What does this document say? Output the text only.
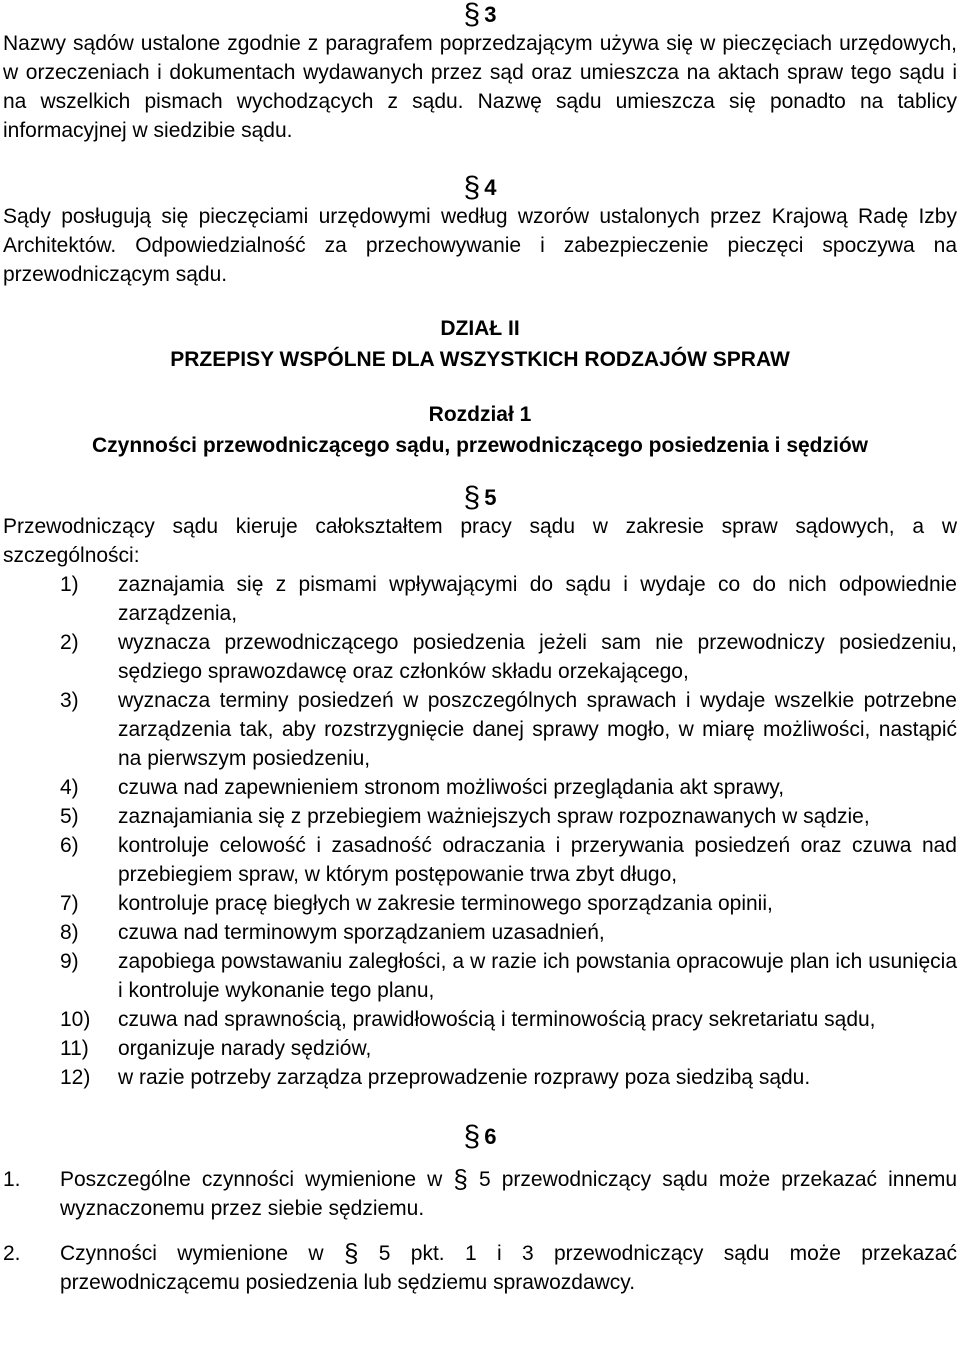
§ 3

Nazwy sądów ustalone zgodnie z paragrafem poprzedzającym używa się w pieczęciach urzędowych, w orzeczeniach i dokumentach wydawanych przez sąd oraz umieszcza na aktach spraw tego sądu i na wszelkich pismach wychodzących z sądu. Nazwę sądu umieszcza się ponadto na tablicy informacyjnej w siedzibie sądu.

§ 4

Sądy posługują się pieczęciami urzędowymi według wzorów ustalonych przez Krajową Radę Izby Architektów. Odpowiedzialność za przechowywanie i zabezpieczenie pieczęci spoczywa na przewodniczącym sądu.

DZIAŁ II
PRZEPISY WSPÓLNE DLA WSZYSTKICH RODZAJÓW SPRAW
Rozdział 1
Czynności przewodniczącego sądu, przewodniczącego posiedzenia i sędziów
§ 5

Przewodniczący sądu kieruje całokształtem pracy sądu w zakresie spraw sądowych, a w szczególności:

1) zaznajamia się z pismami wpływającymi do sądu i wydaje co do nich odpowiednie zarządzenia,
2) wyznacza przewodniczącego posiedzenia jeżeli sam nie przewodniczy posiedzeniu, sędziego sprawozdawcę oraz członków składu orzekającego,
3) wyznacza terminy posiedzeń w poszczególnych sprawach i wydaje wszelkie potrzebne zarządzenia tak, aby rozstrzygnięcie danej sprawy mogło, w miarę możliwości, nastąpić na pierwszym posiedzeniu,
4) czuwa nad zapewnieniem stronom możliwości przeglądania akt sprawy,
5) zaznajamiania się z przebiegiem ważniejszych spraw rozpoznawanych w sądzie,
6) kontroluje celowość i zasadność odraczania i przerywania posiedzeń oraz czuwa nad przebiegiem spraw, w którym postępowanie trwa zbyt długo,
7) kontroluje pracę biegłych w zakresie terminowego sporządzania opinii,
8) czuwa nad terminowym sporządzaniem uzasadnień,
9) zapobiega powstawaniu zaległości, a w razie ich powstania opracowuje plan ich usunięcia i kontroluje wykonanie tego planu,
10) czuwa nad sprawnością, prawidłowością i terminowością pracy sekretariatu sądu,
11) organizuje narady sędziów,
12) w razie potrzeby zarządza przeprowadzenie rozprawy poza siedzibą sądu.
§ 6
1. Poszczególne czynności wymienione w § 5 przewodniczący sądu może przekazać innemu wyznaczonemu przez siebie sędziemu.
2. Czynności wymienione w § 5 pkt. 1 i 3 przewodniczący sądu może przekazać przewodniczącemu posiedzenia lub sędziemu sprawozdawcy.
